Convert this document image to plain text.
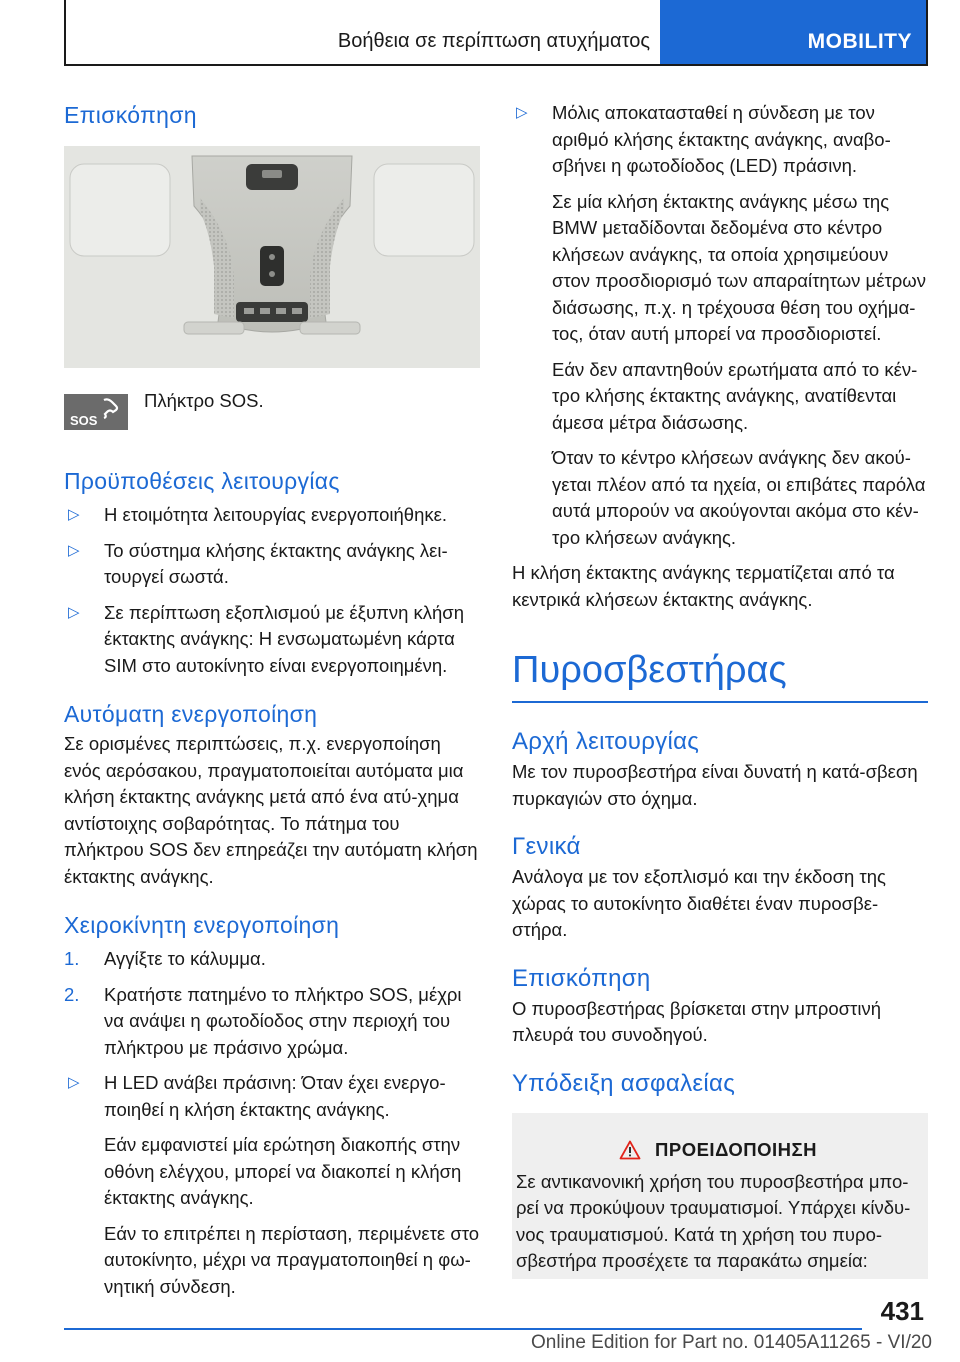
Βοήθεια σε περίπτωση ατυχήματος	MOBILITY
Επισκόπηση
SOS
Πλήκτρο SOS.
Προϋποθέσεις λειτουργίας
▷ Η ετοιμότητα λειτουργίας ενεργοποιήθηκε.
▷ Το σύστημα κλήσης έκτακτης ανάγκης λει‐τουργεί σωστά.
▷ Σε περίπτωση εξοπλισμού με έξυπνη κλήση έκτακτης ανάγκης: Η ενσωματωμένη κάρτα SIM στο αυτοκίνητο είναι ενεργοποιημένη.
Αυτόματη ενεργοποίηση

Σε ορισμένες περιπτώσεις, π.χ. ενεργοποίηση ενός αερόσακου, πραγματοποιείται αυτόματα μια κλήση έκτακτης ανάγκης μετά από ένα ατύ‐χημα αντίστοιχης σοβαρότητας. Το πάτημα του πλήκτρου SOS δεν επηρεάζει την αυτόματη κλήση έκτακτης ανάγκης.

Χειροκίνητη ενεργοποίηση
1. Αγγίξτε το κάλυμμα.
2. Κρατήστε πατημένο το πλήκτρο SOS, μέχρι να ανάψει η φωτοδίοδος στην περιοχή του πλήκτρου με πράσινο χρώμα.
▷ Η LED ανάβει πράσινη: Όταν έχει ενεργο‐ποιηθεί η κλήση έκτακτης ανάγκης.

Εάν εμφανιστεί μία ερώτηση διακοπής στην οθόνη ελέγχου, μπορεί να διακοπεί η κλήση έκτακτης ανάγκης.

Εάν το επιτρέπει η περίσταση, περιμένετε στο αυτοκίνητο, μέχρι να πραγματοποιηθεί η φω‐νητική σύνδεση.

▷ Μόλις αποκατασταθεί η σύνδεση με τον αριθμό κλήσης έκτακτης ανάγκης, αναβο‐σβήνει η φωτοδίοδος (LED) πράσινη.

Σε μία κλήση έκτακτης ανάγκης μέσω της BMW μεταδίδονται δεδομένα στο κέντρο κλήσεων ανάγκης, τα οποία χρησιμεύουν στον προσδιορισμό των απαραίτητων μέτρων διάσωσης, π.χ. η τρέχουσα θέση του οχήμα‐τος, όταν αυτή μπορεί να προσδιοριστεί.

Εάν δεν απαντηθούν ερωτήματα από το κέν‐τρο κλήσης έκτακτης ανάγκης, ανατίθενται άμεσα μέτρα διάσωσης.

Όταν το κέντρο κλήσεων ανάγκης δεν ακού‐γεται πλέον από τα ηχεία, οι επιβάτες παρόλα αυτά μπορούν να ακούγονται ακόμα στο κέν‐τρο κλήσεων ανάγκης.

Η κλήση έκτακτης ανάγκης τερματίζεται από τα κεντρικά κλήσεων έκτακτης ανάγκης.

Πυροσβεστήρας
Αρχή λειτουργίας

Με τον πυροσβεστήρα είναι δυνατή η κατά‐σβεση πυρκαγιών στο όχημα.

Γενικά

Ανάλογα με τον εξοπλισμό και την έκδοση της χώρας το αυτοκίνητο διαθέτει έναν πυροσβε‐στήρα.

Επισκόπηση

Ο πυροσβεστήρας βρίσκεται στην μπροστινή πλευρά του συνοδηγού.

Υπόδειξη ασφαλείας
ΠΡΟΕΙΔΟΠΟΙΗΣΗ

Σε αντικανονική χρήση του πυροσβεστήρα μπο‐ρεί να προκύψουν τραυματισμοί. Υπάρχει κίνδυ‐νος τραυματισμού. Κατά τη χρήση του πυρο‐σβεστήρα προσέχετε τα παρακάτω σημεία:

431
Online Edition for Part no. 01405A11265 - VI/20
